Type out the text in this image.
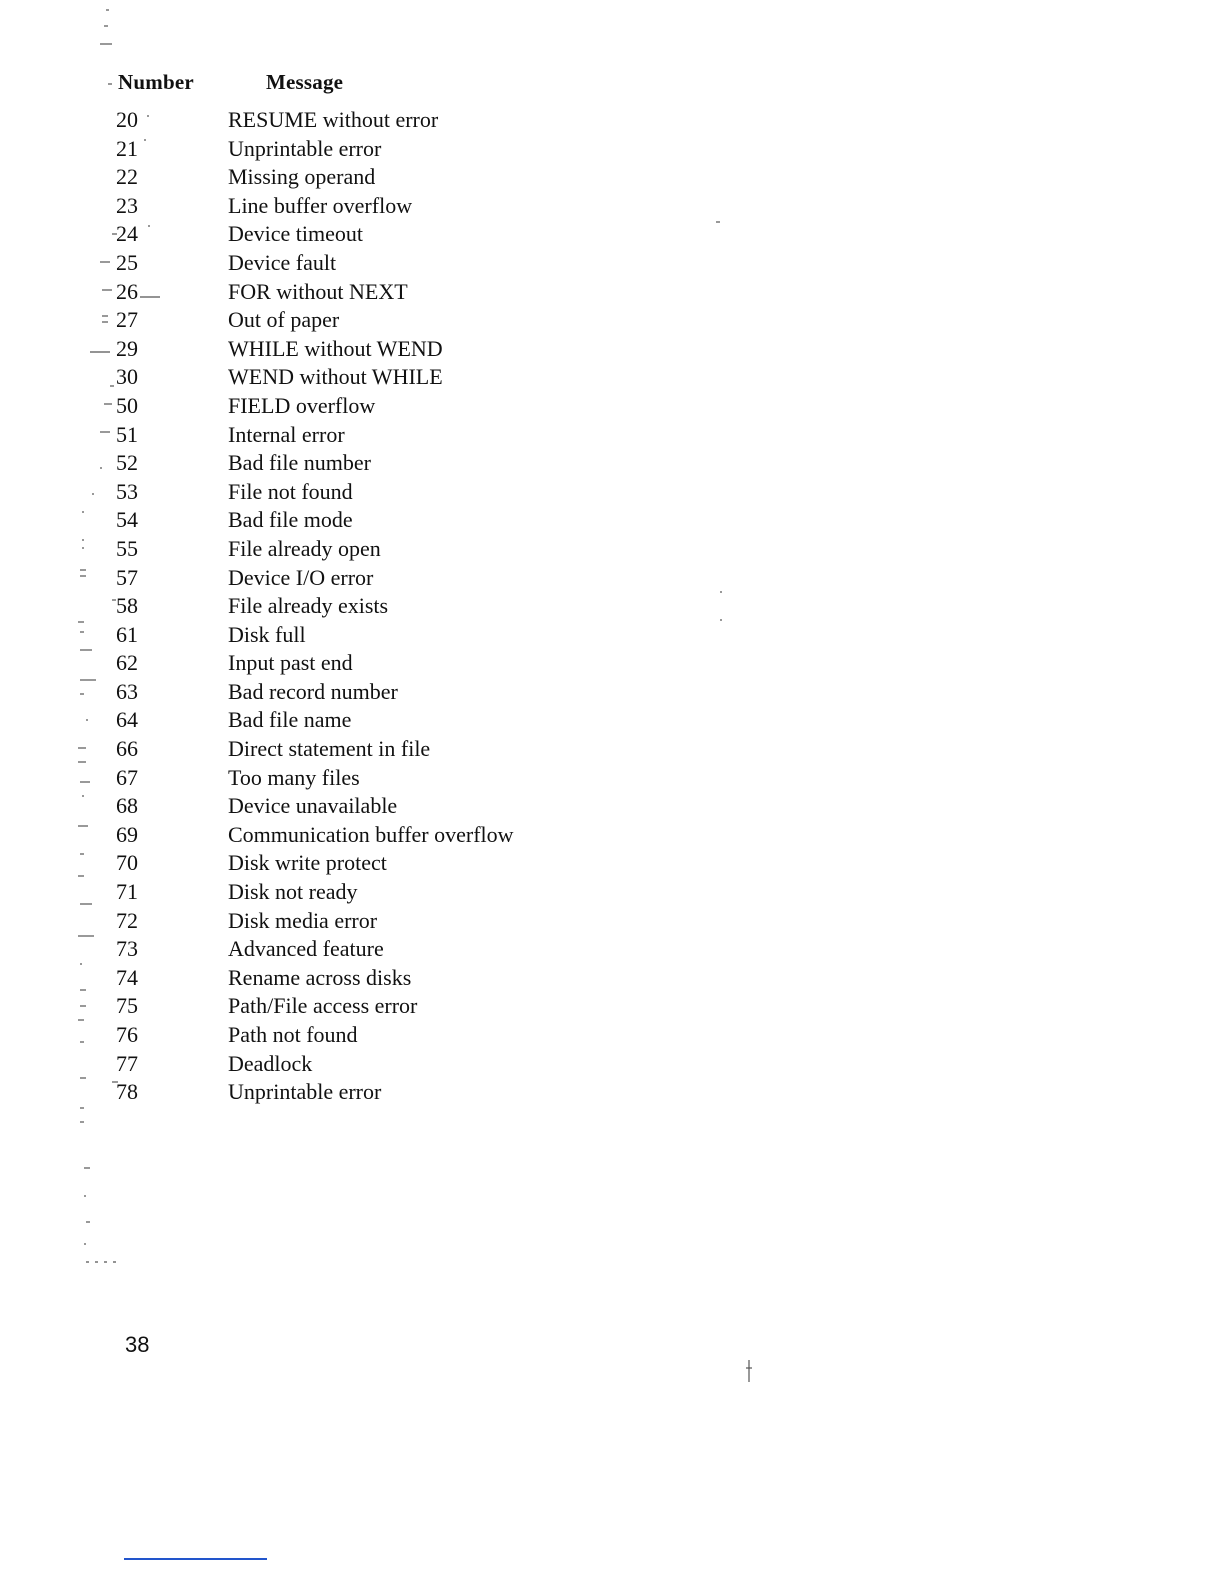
Number	Message
20	RESUME without error
21	Unprintable error
22	Missing operand
23	Line buffer overflow
24	Device timeout
25	Device fault
26	FOR without NEXT
27	Out of paper
29	WHILE without WEND
30	WEND without WHILE
50	FIELD overflow
51	Internal error
52	Bad file number
53	File not found
54	Bad file mode
55	File already open
57	Device I/O error
58	File already exists
61	Disk full
62	Input past end
63	Bad record number
64	Bad file name
66	Direct statement in file
67	Too many files
68	Device unavailable
69	Communication buffer overflow
70	Disk write protect
71	Disk not ready
72	Disk media error
73	Advanced feature
74	Rename across disks
75	Path/File access error
76	Path not found
77	Deadlock
78	Unprintable error
38
